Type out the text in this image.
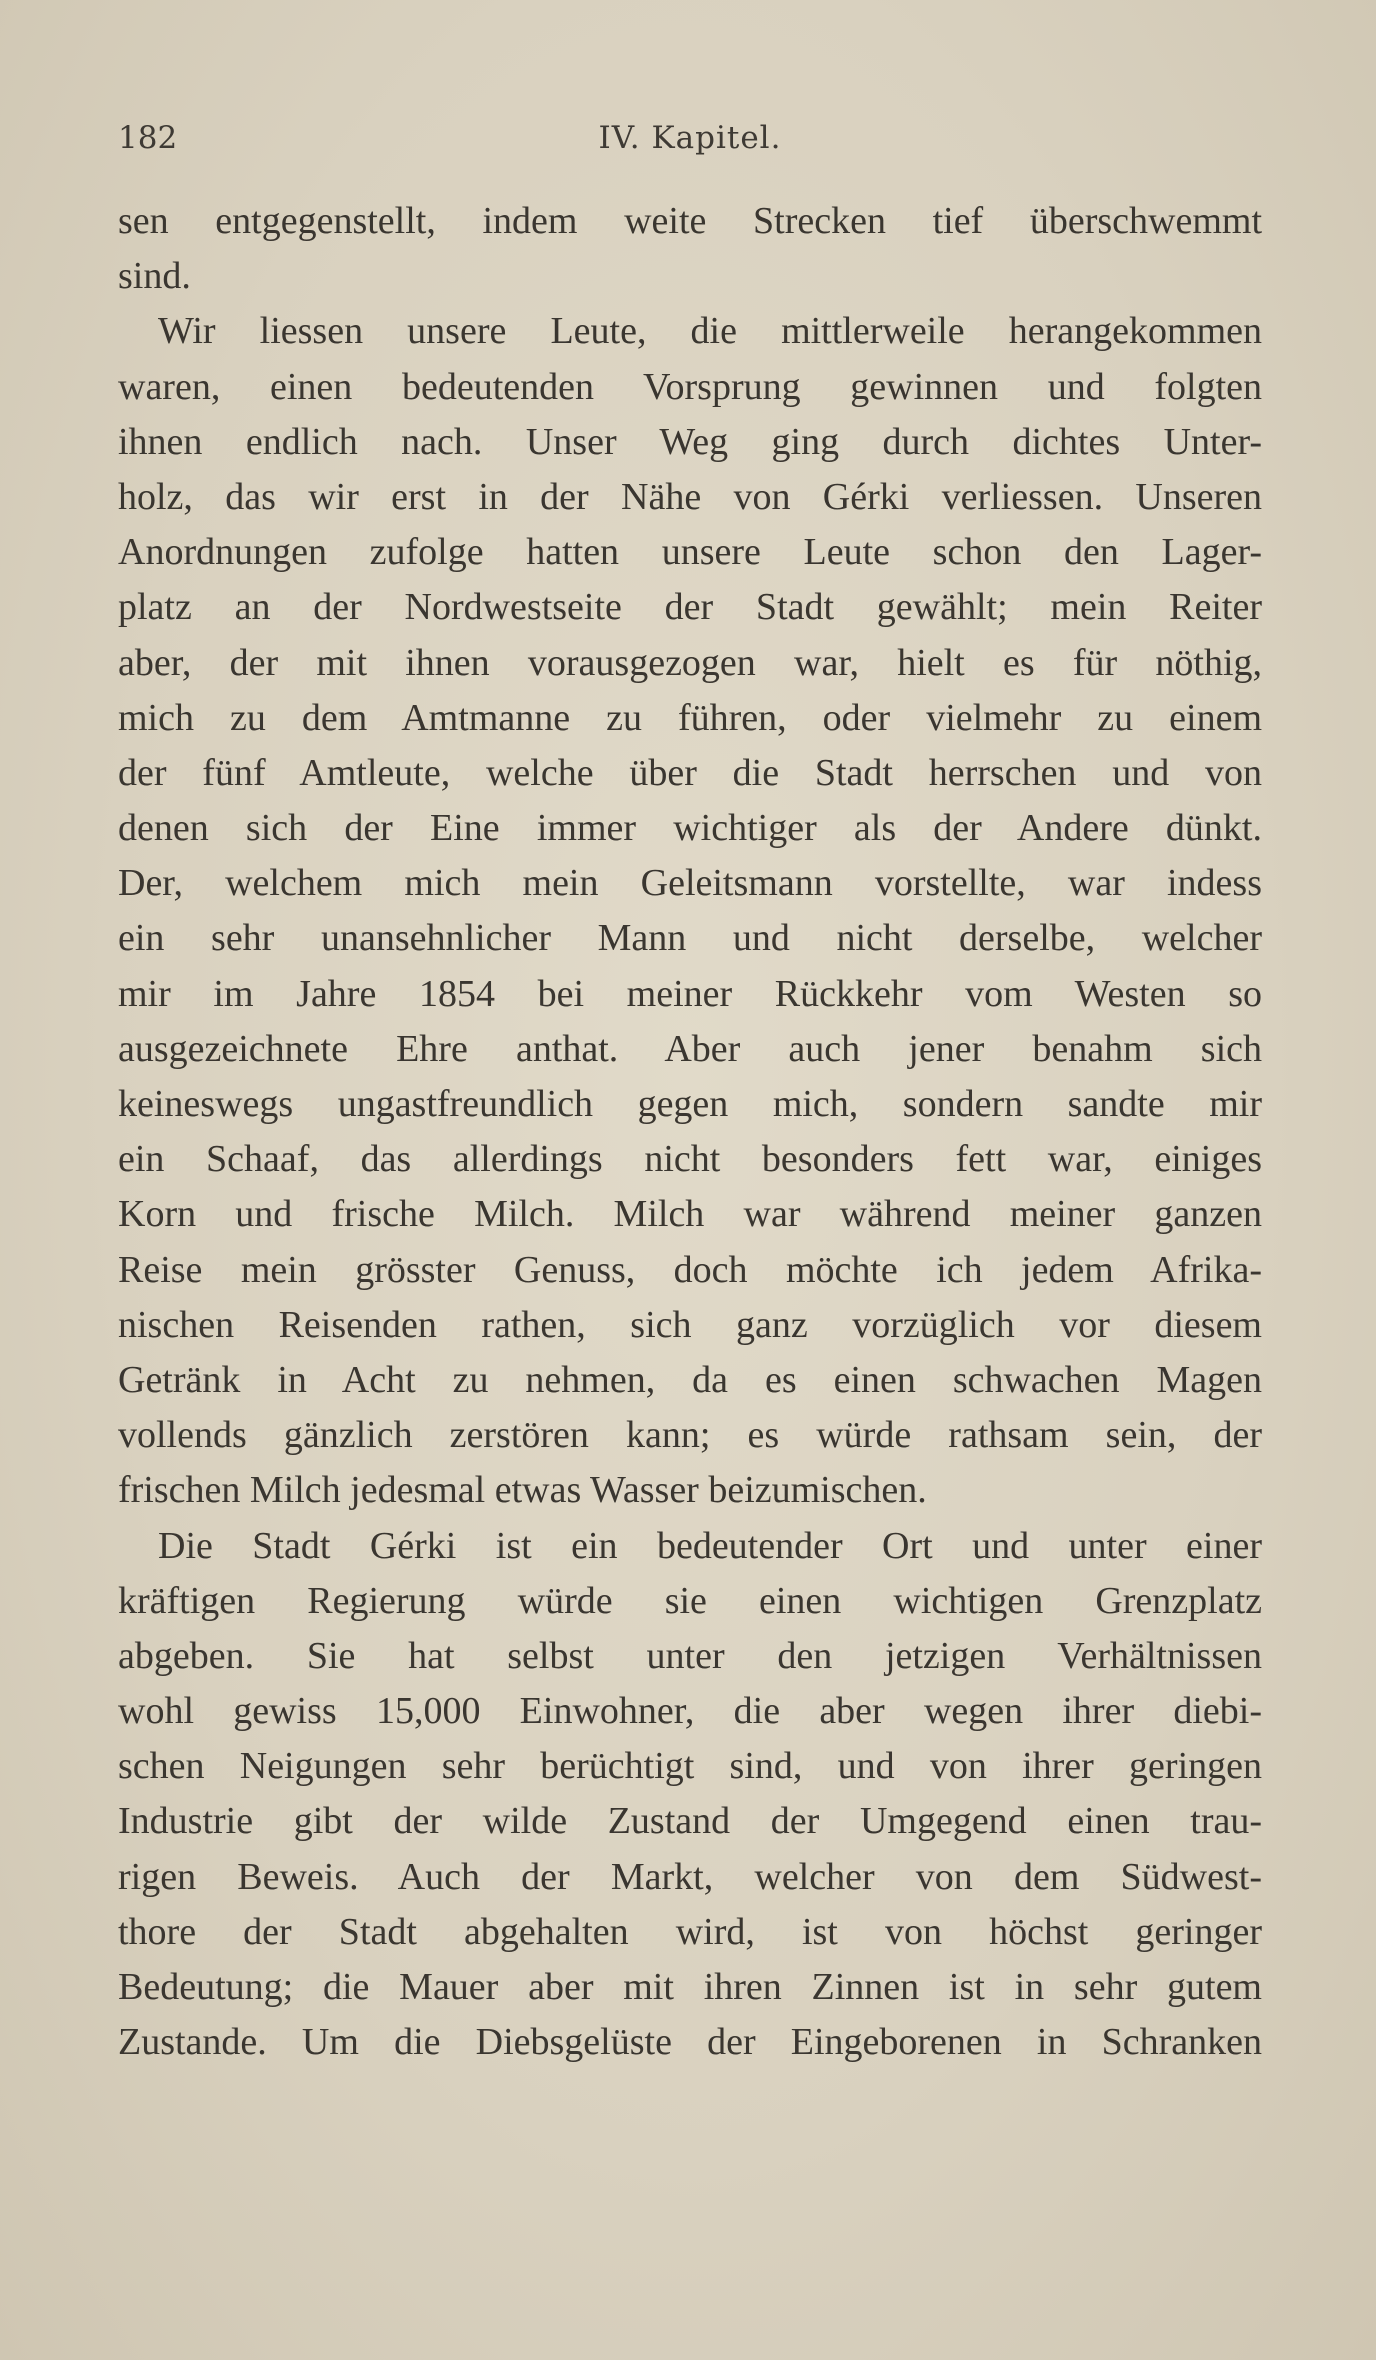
182	IV. Kapitel.
sen entgegenstellt, indem weite Strecken tief überschwemmt
sind.
Wir liessen unsere Leute, die mittlerweile herangekommen
waren, einen bedeutenden Vorsprung gewinnen und folgten
ihnen endlich nach. Unser Weg ging durch dichtes Unter-
holz, das wir erst in der Nähe von Gérki verliessen. Unseren
Anordnungen zufolge hatten unsere Leute schon den Lager-
platz an der Nordwestseite der Stadt gewählt; mein Reiter
aber, der mit ihnen vorausgezogen war, hielt es für nöthig,
mich zu dem Amtmanne zu führen, oder vielmehr zu einem
der fünf Amtleute, welche über die Stadt herrschen und von
denen sich der Eine immer wichtiger als der Andere dünkt.
Der, welchem mich mein Geleitsmann vorstellte, war indess
ein sehr unansehnlicher Mann und nicht derselbe, welcher
mir im Jahre 1854 bei meiner Rückkehr vom Westen so
ausgezeichnete Ehre anthat. Aber auch jener benahm sich
keineswegs ungastfreundlich gegen mich, sondern sandte mir
ein Schaaf, das allerdings nicht besonders fett war, einiges
Korn und frische Milch. Milch war während meiner ganzen
Reise mein grösster Genuss, doch möchte ich jedem Afrika-
nischen Reisenden rathen, sich ganz vorzüglich vor diesem
Getränk in Acht zu nehmen, da es einen schwachen Magen
vollends gänzlich zerstören kann; es würde rathsam sein, der
frischen Milch jedesmal etwas Wasser beizumischen.
Die Stadt Gérki ist ein bedeutender Ort und unter einer
kräftigen Regierung würde sie einen wichtigen Grenzplatz
abgeben. Sie hat selbst unter den jetzigen Verhältnissen
wohl gewiss 15,000 Einwohner, die aber wegen ihrer diebi-
schen Neigungen sehr berüchtigt sind, und von ihrer geringen
Industrie gibt der wilde Zustand der Umgegend einen trau-
rigen Beweis. Auch der Markt, welcher von dem Südwest-
thore der Stadt abgehalten wird, ist von höchst geringer
Bedeutung; die Mauer aber mit ihren Zinnen ist in sehr gutem
Zustande. Um die Diebsgelüste der Eingeborenen in Schranken
